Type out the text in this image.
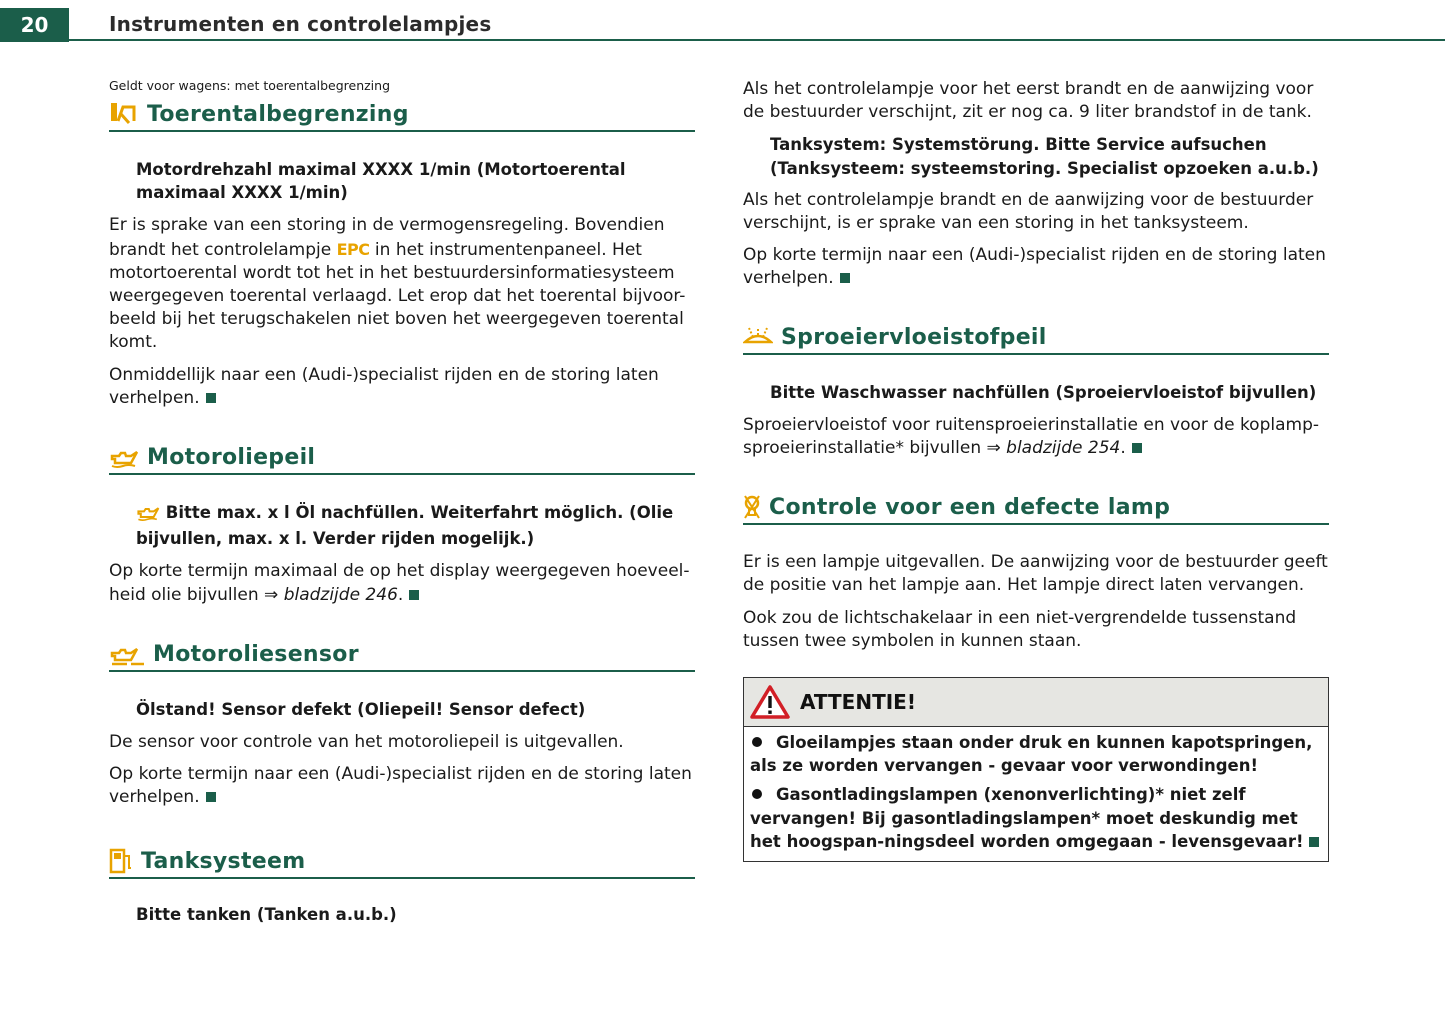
20	Instrumenten en controlelampjes

Geldt voor wagens: met toerentalbegrenzing

Toerentalbegrenzing

Motordrehzahl maximal XXXX 1/min (Motortoerental maximaal XXXX 1/min)

Er is sprake van een storing in de vermogensregeling. Bovendien brandt het controlelampje EPC in het instrumentenpaneel. Het motortoerental wordt tot het in het bestuurdersinformatiesysteem weergegeven toerental verlaagd. Let erop dat het toerental bijvoor-beeld bij het terugschakelen niet boven het weergegeven toerental komt.

Onmiddellijk naar een (Audi-)specialist rijden en de storing laten verhelpen.

Motoroliepeil

Bitte max. x l Öl nachfüllen. Weiterfahrt möglich. (Olie bijvullen, max. x l. Verder rijden mogelijk.)

Op korte termijn maximaal de op het display weergegeven hoeveel-heid olie bijvullen ⇒ bladzijde 246.

Motoroliesensor

Ölstand! Sensor defekt (Oliepeil! Sensor defect)

De sensor voor controle van het motoroliepeil is uitgevallen.

Op korte termijn naar een (Audi-)specialist rijden en de storing laten verhelpen.

Tanksysteem

Bitte tanken (Tanken a.u.b.)

Als het controlelampje voor het eerst brandt en de aanwijzing voor de bestuurder verschijnt, zit er nog ca. 9 liter brandstof in de tank.

Tanksystem: Systemstörung. Bitte Service aufsuchen (Tanksysteem: systeemstoring. Specialist opzoeken a.u.b.)

Als het controlelampje brandt en de aanwijzing voor de bestuurder verschijnt, is er sprake van een storing in het tanksysteem.

Op korte termijn naar een (Audi-)specialist rijden en de storing laten verhelpen.

Sproeiervloeistofpeil

Bitte Waschwasser nachfüllen (Sproeiervloeistof bijvullen)

Sproeiervloeistof voor ruitensproeierinstallatie en voor de koplamp-sproeierinstallatie* bijvullen ⇒ bladzijde 254.

Controle voor een defecte lamp

Er is een lampje uitgevallen. De aanwijzing voor de bestuurder geeft de positie van het lampje aan. Het lampje direct laten vervangen.

Ook zou de lichtschakelaar in een niet-vergrendelde tussenstand tussen twee symbolen in kunnen staan.

ATTENTIE!

Gloeilampjes staan onder druk en kunnen kapotspringen, als ze worden vervangen - gevaar voor verwondingen!

Gasontladingslampen (xenonverlichting)* niet zelf vervangen! Bij gasontladingslampen* moet deskundig met het hoogspan-ningsdeel worden omgegaan - levensgevaar!
